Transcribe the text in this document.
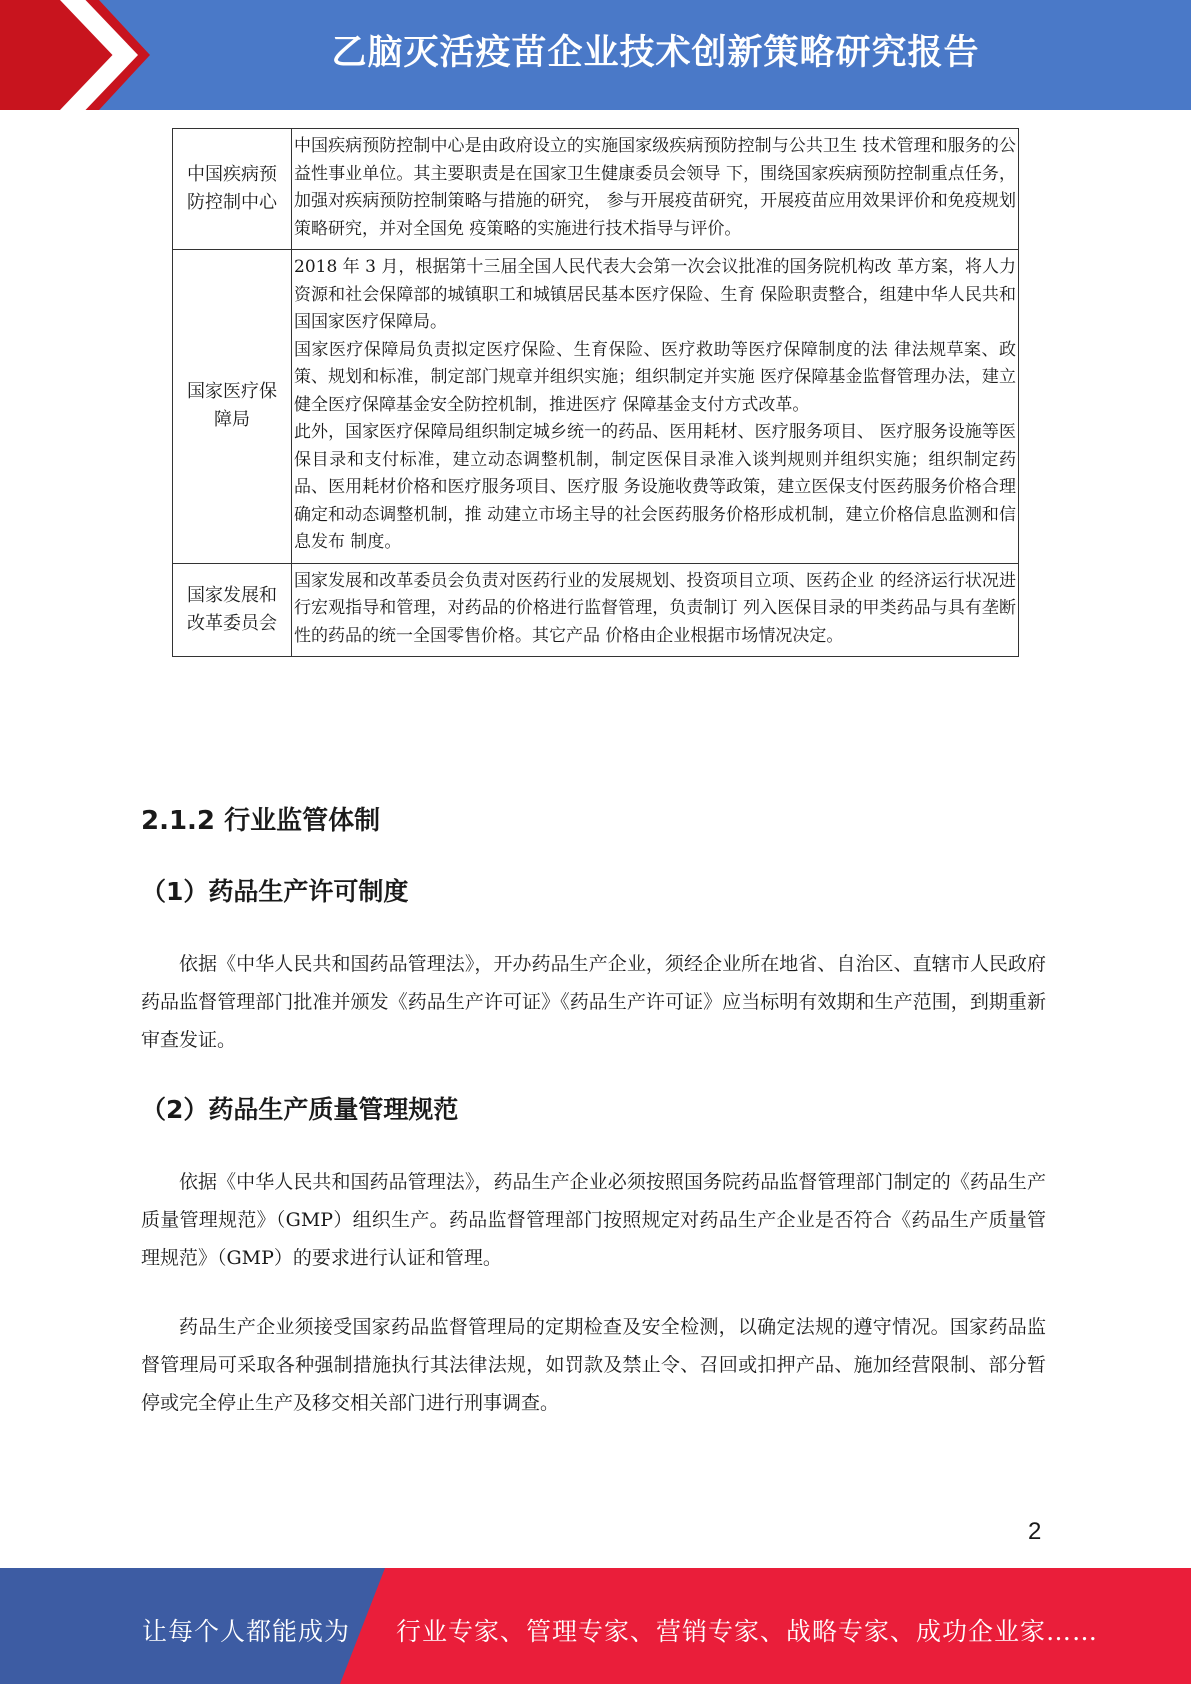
乙脑灭活疫苗企业技术创新策略研究报告
中国疾病预防控制中心	中国疾病预防控制中心是由政府设立的实施国家级疾病预防控制与公共卫生 技术管理和服务的公益性事业单位。其主要职责是在国家卫生健康委员会领导 下，围绕国家疾病预防控制重点任务，加强对疾病预防控制策略与措施的研究， 参与开展疫苗研究，开展疫苗应用效果评价和免疫规划策略研究，并对全国免 疫策略的实施进行技术指导与评价。

国家医疗保障局	2018 年 3 月，根据第十三届全国人民代表大会第一次会议批准的国务院机构改 革方案，将人力资源和社会保障部的城镇职工和城镇居民基本医疗保险、生育 保险职责整合，组建中华人民共和国国家医疗保障局。

国家医疗保障局负责拟定医疗保险、生育保险、医疗救助等医疗保障制度的法 律法规草案、政策、规划和标准，制定部门规章并组织实施；组织制定并实施 医疗保障基金监督管理办法，建立健全医疗保障基金安全防控机制，推进医疗 保障基金支付方式改革。

此外，国家医疗保障局组织制定城乡统一的药品、医用耗材、医疗服务项目、 医疗服务设施等医保目录和支付标准，建立动态调整机制，制定医保目录准入谈判规则并组织实施；组织制定药品、医用耗材价格和医疗服务项目、医疗服 务设施收费等政策，建立医保支付医药服务价格合理确定和动态调整机制，推 动建立市场主导的社会医药服务价格形成机制，建立价格信息监测和信息发布 制度。

国家发展和改革委员会	国家发展和改革委员会负责对医药行业的发展规划、投资项目立项、医药企业 的经济运行状况进行宏观指导和管理，对药品的价格进行监督管理，负责制订 列入医保目录的甲类药品与具有垄断性的药品的统一全国零售价格。其它产品 价格由企业根据市场情况决定。

2.1.2 行业监管体制
（1）药品生产许可制度

依据《中华人民共和国药品管理法》，开办药品生产企业，须经企业所在地省、自治区、直辖市人民政府药品监督管理部门批准并颁发《药品生产许可证》《药品生产许可证》应当标明有效期和生产范围，到期重新审查发证。

（2）药品生产质量管理规范

依据《中华人民共和国药品管理法》，药品生产企业必须按照国务院药品监督管理部门制定的《药品生产质量管理规范》（GMP）组织生产。药品监督管理部门按照规定对药品生产企业是否符合《药品生产质量管理规范》（GMP）的要求进行认证和管理。

药品生产企业须接受国家药品监督管理局的定期检查及安全检测，以确定法规的遵守情况。国家药品监督管理局可采取各种强制措施执行其法律法规，如罚款及禁止令、召回或扣押产品、施加经营限制、部分暂停或完全停止生产及移交相关部门进行刑事调查。

2
让每个人都能成为 行业专家、管理专家、营销专家、战略专家、成功企业家……
